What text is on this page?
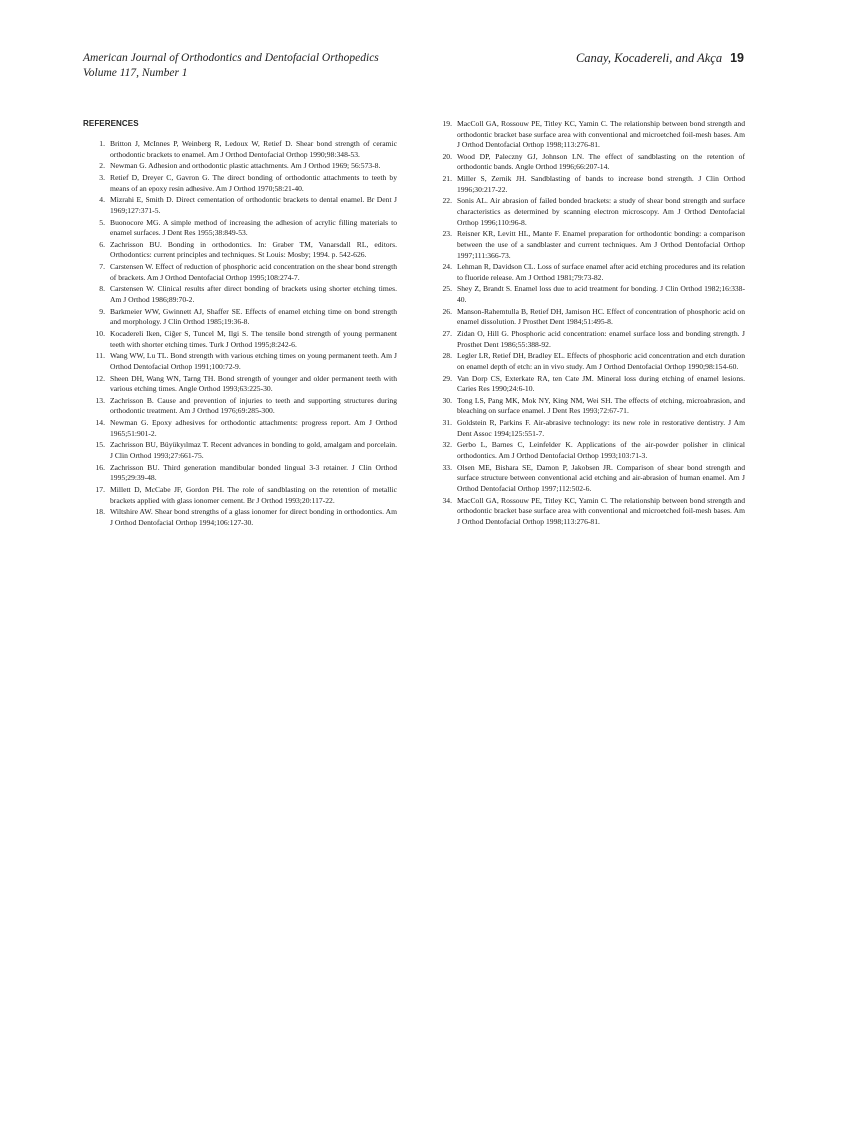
American Journal of Orthodontics and Dentofacial Orthopedics
Volume 117, Number 1
Canay, Kocadereli, and Akça 19
REFERENCES
1. Britton J, McInnes P, Weinberg R, Ledoux W, Retief D. Shear bond strength of ceramic orthodontic brackets to enamel. Am J Orthod Dentofacial Orthop 1990;98:348-53.
2. Newman G. Adhesion and orthodontic plastic attachments. Am J Orthod 1969; 56:573-8.
3. Retief D, Dreyer C, Gavron G. The direct bonding of orthodontic attachments to teeth by means of an epoxy resin adhesive. Am J Orthod 1970;58:21-40.
4. Mizrahi E, Smith D. Direct cementation of orthodontic brackets to dental enamel. Br Dent J 1969;127:371-5.
5. Buonocore MG. A simple method of increasing the adhesion of acrylic filling materials to enamel surfaces. J Dent Res 1955;38:849-53.
6. Zachrisson BU. Bonding in orthodontics. In: Graber TM, Vanarsdall RL, editors. Orthodontics: current principles and techniques. St Louis: Mosby; 1994. p. 542-626.
7. Carstensen W. Effect of reduction of phosphoric acid concentration on the shear bond strength of brackets. Am J Orthod Dentofacial Orthop 1995;108:274-7.
8. Carstensen W. Clinical results after direct bonding of brackets using shorter etching times. Am J Orthod 1986;89:70-2.
9. Barkmeier WW, Gwinnett AJ, Shaffer SE. Effects of enamel etching time on bond strength and morphology. J Clin Orthod 1985;19:36-8.
10. Kocadereli Iken, Ciğer S, Tuncel M, Ilgi S. The tensile bond strength of young permanent teeth with shorter etching times. Turk J Orthod 1995;8:242-6.
11. Wang WW, Lu TL. Bond strength with various etching times on young permanent teeth. Am J Orthod Dentofacial Orthop 1991;100:72-9.
12. Sheen DH, Wang WN, Tarng TH. Bond strength of younger and older permanent teeth with various etching times. Angle Orthod 1993;63:225-30.
13. Zachrisson B. Cause and prevention of injuries to teeth and supporting structures during orthodontic treatment. Am J Orthod 1976;69:285-300.
14. Newman G. Epoxy adhesives for orthodontic attachments: progress report. Am J Orthod 1965;51:901-2.
15. Zachrisson BU, Büyükyılmaz T. Recent advances in bonding to gold, amalgam and porcelain. J Clin Orthod 1993;27:661-75.
16. Zachrisson BU. Third generation mandibular bonded lingual 3-3 retainer. J Clin Orthod 1995;29:39-48.
17. Millett D, McCabe JF, Gordon PH. The role of sandblasting on the retention of metallic brackets applied with glass ionomer cement. Br J Orthod 1993;20:117-22.
18. Wiltshire AW. Shear bond strengths of a glass ionomer for direct bonding in orthodontics. Am J Orthod Dentofacial Orthop 1994;106:127-30.
19. MacColl GA, Rossouw PE, Titley KC, Yamin C. The relationship between bond strength and orthodontic bracket base surface area with conventional and microetched foil-mesh bases. Am J Orthod Dentofacial Orthop 1998;113:276-81.
20. Wood DP, Paleczny GJ, Johnson LN. The effect of sandblasting on the retention of orthodontic bands. Angle Orthod 1996;66:207-14.
21. Miller S, Zernik JH. Sandblasting of bands to increase bond strength. J Clin Orthod 1996;30:217-22.
22. Sonis AL. Air abrasion of failed bonded brackets: a study of shear bond strength and surface characteristics as determined by scanning electron microscopy. Am J Orthod Dentofacial Orthop 1996;110:96-8.
23. Reisner KR, Levitt HL, Mante F. Enamel preparation for orthodontic bonding: a comparison between the use of a sandblaster and current techniques. Am J Orthod Dentofacial Orthop 1997;111:366-73.
24. Lehman R, Davidson CL. Loss of surface enamel after acid etching procedures and its relation to fluoride release. Am J Orthod 1981;79:73-82.
25. Shey Z, Brandt S. Enamel loss due to acid treatment for bonding. J Clin Orthod 1982;16:338-40.
26. Manson-Rahemtulla B, Retief DH, Jamison HC. Effect of concentration of phosphoric acid on enamel dissolution. J Prosthet Dent 1984;51:495-8.
27. Zidan O, Hill G. Phosphoric acid concentration: enamel surface loss and bonding strength. J Prosthet Dent 1986;55:388-92.
28. Legler LR, Retief DH, Bradley EL. Effects of phosphoric acid concentration and etch duration on enamel depth of etch: an in vivo study. Am J Orthod Dentofacial Orthop 1990;98:154-60.
29. Van Dorp CS, Exterkate RA, ten Cate JM. Mineral loss during etching of enamel lesions. Caries Res 1990;24:6-10.
30. Tong LS, Pang MK, Mok NY, King NM, Wei SH. The effects of etching, microabrasion, and bleaching on surface enamel. J Dent Res 1993;72:67-71.
31. Goldstein R, Parkins F. Air-abrasive technology: its new role in restorative dentistry. J Am Dent Assoc 1994;125:551-7.
32. Gerbo L, Barnes C, Leinfelder K. Applications of the air-powder polisher in clinical orthodontics. Am J Orthod Dentofacial Orthop 1993;103:71-3.
33. Olsen ME, Bishara SE, Damon P, Jakobsen JR. Comparison of shear bond strength and surface structure between conventional acid etching and air-abrasion of human enamel. Am J Orthod Dentofacial Orthop 1997;112:502-6.
34. MacColl GA, Rossouw PE, Titley KC, Yamin C. The relationship between bond strength and orthodontic bracket base surface area with conventional and microetched foil-mesh bases. Am J Orthod Dentofacial Orthop 1998;113:276-81.
